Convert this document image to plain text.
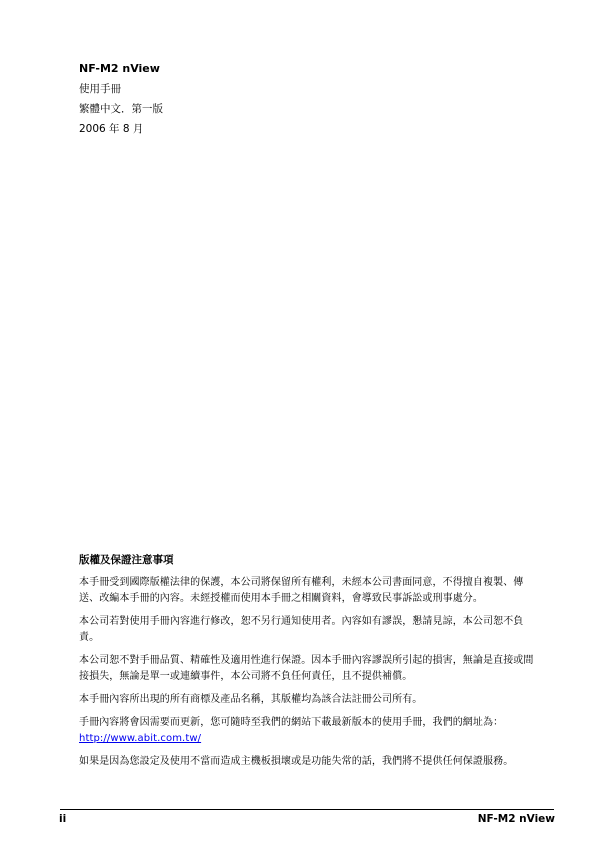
NF-M2 nView
使用手冊
繁體中文．第一版
2006 年 8 月
版權及保證注意事項

本手冊受到國際版權法律的保護，本公司將保留所有權利，未經本公司書面同意，不得擅自複製、傳送、改編本手冊的內容。未經授權而使用本手冊之相關資料，會導致民事訴訟或刑事處分。

本公司若對使用手冊內容進行修改，恕不另行通知使用者。內容如有謬誤，懇請見諒，本公司恕不負責。

本公司恕不對手冊品質、精確性及適用性進行保證。因本手冊內容謬誤所引起的損害，無論是直接或間接損失，無論是單一或連續事件，本公司將不負任何責任，且不提供補償。

本手冊內容所出現的所有商標及產品名稱，其版權均為該合法註冊公司所有。

手冊內容將會因需要而更新，您可隨時至我們的網站下載最新版本的使用手冊，我們的網址為：http://www.abit.com.tw/

如果是因為您設定及使用不當而造成主機板損壞或是功能失常的話，我們將不提供任何保證服務。

ii	NF-M2 nView
